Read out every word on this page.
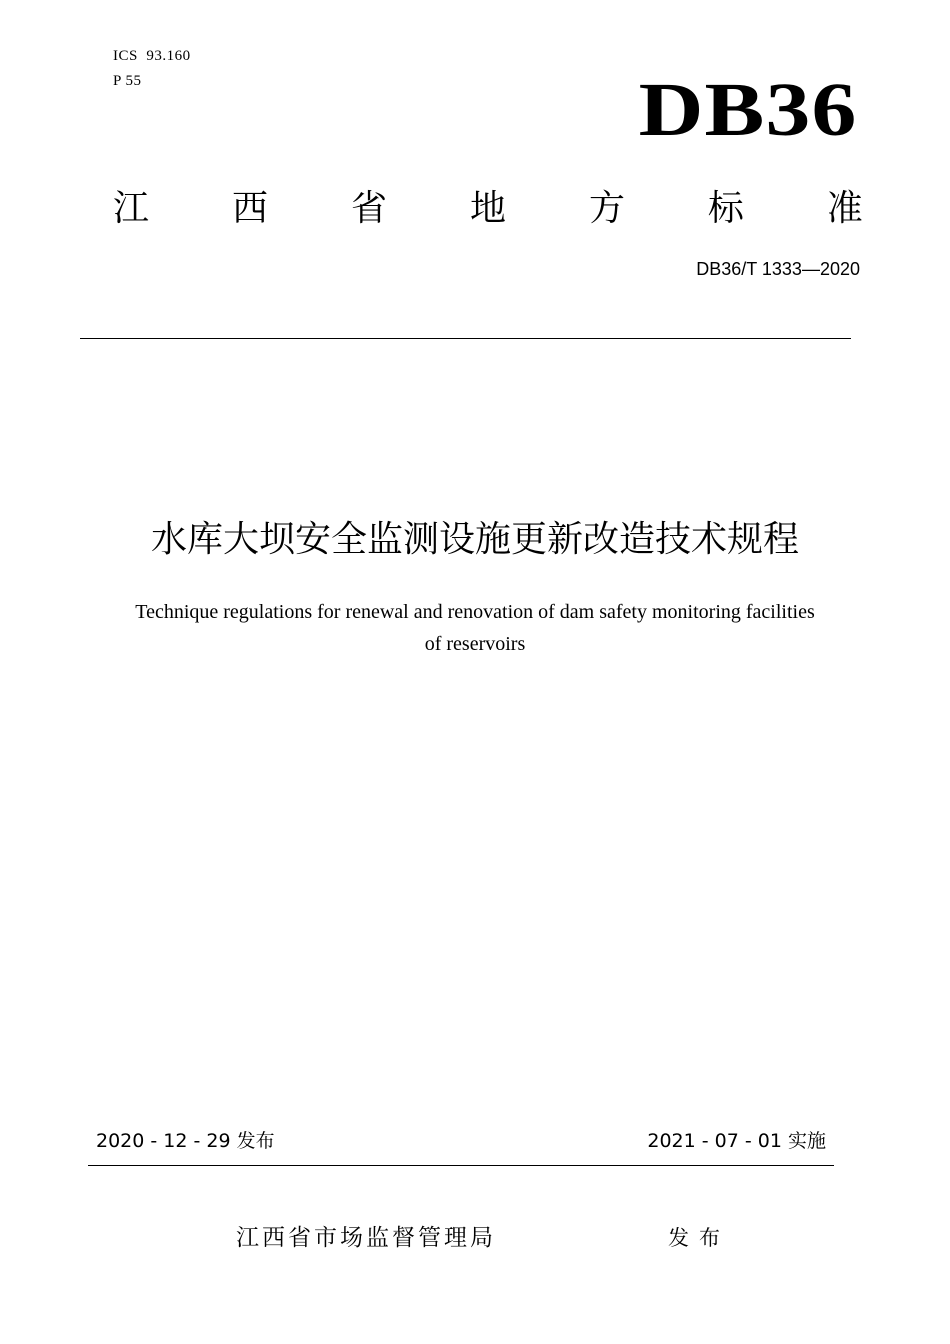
ICS  93.160
P 55	DB36
江 西 省 地 方 标 准
DB36/T 1333—2020
水库大坝安全监测设施更新改造技术规程
Technique regulations for renewal and renovation of dam safety monitoring facilities
of reservoirs
2020 - 12 - 29 发布	2021 - 07 - 01 实施
江西省市场监督管理局	发布
